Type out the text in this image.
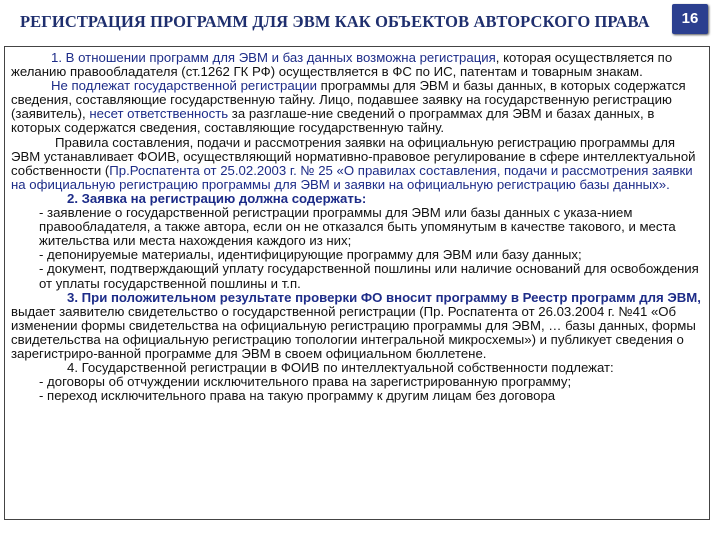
РЕГИСТРАЦИЯ ПРОГРАММ ДЛЯ ЭВМ КАК ОБЪЕКТОВ АВТОРСКОГО ПРАВА	16

1. В отношении программ для ЭВМ и баз данных возможна регистрация, которая осуществляется по желанию правообладателя (ст.1262 ГК РФ) осуществляется в ФС по ИС, патентам и товарным знакам.

Не подлежат государственной регистрации программы для ЭВМ и базы данных, в которых содержатся сведения, составляющие государственную тайну. Лицо, подавшее заявку на государственную регистрацию (заявитель), несет ответственность за разглаше-ние сведений о программах для ЭВМ и базах данных, в которых содержатся сведения, составляющие государственную тайну.

Правила составления, подачи и рассмотрения заявки на официальную регистрацию программы для ЭВМ устанавливает ФОИВ, осуществляющий нормативно-правовое регулирование в сфере интеллектуальной собственности (Пр.Роспатента от 25.02.2003 г. № 25 «О правилах составления, подачи и рассмотрения заявки на официальную регистрацию программы для ЭВМ и заявки на официальную регистрацию базы данных».

2. Заявка на регистрацию должна содержать:

- заявление о государственной регистрации программы для ЭВМ или базы данных с указа-нием правообладателя, а также автора, если он не отказался быть упомянутым в качестве такового, и места жительства или места нахождения каждого из них;

- депонируемые материалы, идентифицирующие программу для ЭВМ или базу данных;

- документ, подтверждающий уплату государственной пошлины или наличие оснований для освобождения от уплаты государственной пошлины и т.п.

3. При положительном результате проверки ФО вносит программу в Реестр программ для ЭВМ, выдает заявителю свидетельство о государственной регистрации (Пр. Роспатента от 26.03.2004 г. №41 «Об изменении формы свидетельства на официальную регистрацию программы для ЭВМ, … базы данных, формы свидетельства на официальную регистрацию топологии интегральной микросхемы») и публикует сведения о зарегистриро-ванной программе для ЭВМ в своем официальном бюллетене.

4. Государственной регистрации в ФОИВ по интеллектуальной собственности подлежат:

- договоры об отчуждении исключительного права на зарегистрированную программу;

- переход исключительного права на такую программу к другим лицам без договора
